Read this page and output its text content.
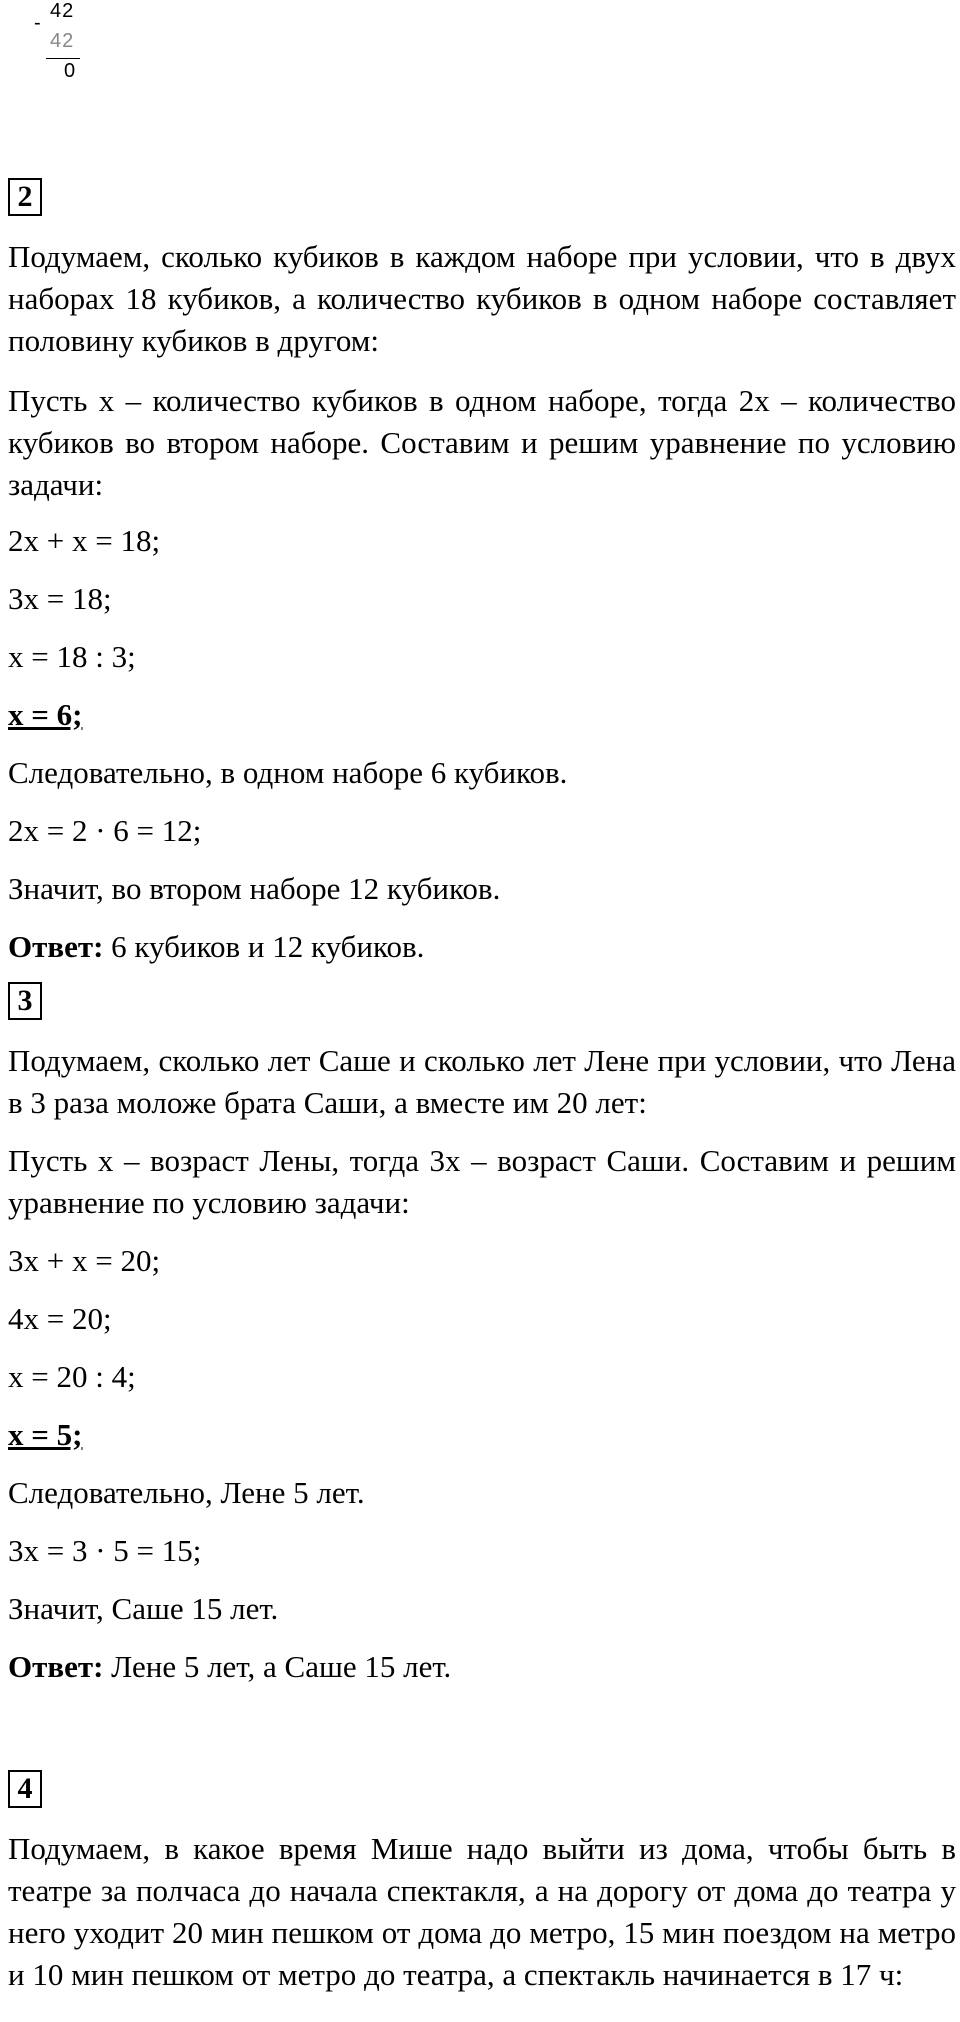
-
42
42
0
2

Подумаем, сколько кубиков в каждом наборе при условии, что в двух наборах 18 кубиков, а количество кубиков в одном наборе составляет половину кубиков в другом:

Пусть х – количество кубиков в одном наборе, тогда 2х – количество кубиков во втором наборе. Составим и решим уравнение по условию задачи:

2х + х = 18;

3х = 18;

х = 18 : 3;

х = 6;

Следовательно, в одном наборе 6 кубиков.

2х = 2 · 6 = 12;

Значит, во втором наборе 12 кубиков.

Ответ: 6 кубиков и 12 кубиков.

3

Подумаем, сколько лет Саше и сколько лет Лене при условии, что Лена в 3 раза моложе брата Саши, а вместе им 20 лет:

Пусть х – возраст Лены, тогда 3х – возраст Саши. Составим и решим уравнение по условию задачи:

3х + х = 20;

4х = 20;

х = 20 : 4;

х = 5;

Следовательно, Лене 5 лет.

3х = 3 · 5 = 15;

Значит, Саше 15 лет.

Ответ: Лене 5 лет, а Саше 15 лет.

4

Подумаем, в какое время Мише надо выйти из дома, чтобы быть в театре за полчаса до начала спектакля, а на дорогу от дома до театра у него уходит 20 мин пешком от дома до метро, 15 мин поездом на метро и 10 мин пешком от метро до театра, а спектакль начинается в 17 ч:
